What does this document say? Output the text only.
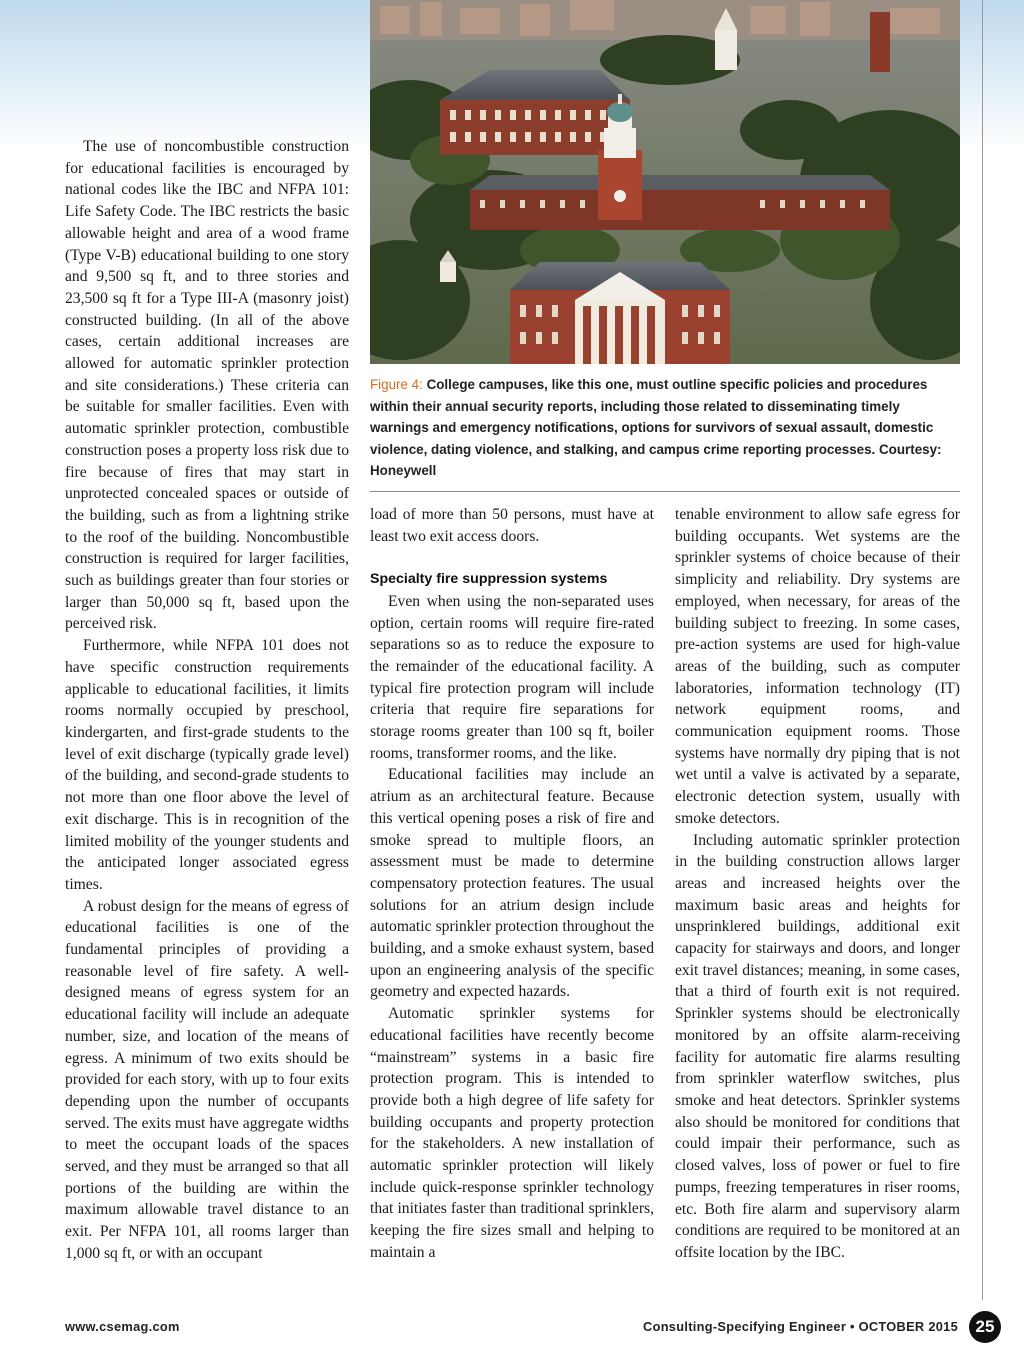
Figure 4: College campuses, like this one, must outline specific policies and procedures within their annual security reports, including those related to disseminating timely warnings and emergency notifications, options for survivors of sexual assault, domestic violence, dating violence, and stalking, and campus crime reporting processes. Courtesy: Honeywell

The use of noncombustible construction for educational facilities is encouraged by national codes like the IBC and NFPA 101: Life Safety Code. The IBC restricts the basic allowable height and area of a wood frame (Type V-B) educational building to one story and 9,500 sq ft, and to three stories and 23,500 sq ft for a Type III-A (masonry joist) constructed building. (In all of the above cases, certain additional increases are allowed for automatic sprinkler protection and site considerations.) These criteria can be suitable for smaller facilities. Even with automatic sprinkler protection, combustible construction poses a property loss risk due to fire because of fires that may start in unprotected concealed spaces or outside of the building, such as from a lightning strike to the roof of the building. Noncombustible construction is required for larger facilities, such as buildings greater than four stories or larger than 50,000 sq ft, based upon the perceived risk.

Furthermore, while NFPA 101 does not have specific construction requirements applicable to educational facilities, it limits rooms normally occupied by preschool, kindergarten, and first-grade students to the level of exit discharge (typically grade level) of the building, and second-grade students to not more than one floor above the level of exit discharge. This is in recognition of the limited mobility of the younger students and the anticipated longer associated egress times.

A robust design for the means of egress of educational facilities is one of the fundamental principles of providing a reasonable level of fire safety. A well-designed means of egress system for an educational facility will include an adequate number, size, and location of the means of egress. A minimum of two exits should be provided for each story, with up to four exits depending upon the number of occupants served. The exits must have aggregate widths to meet the occupant loads of the spaces served, and they must be arranged so that all portions of the building are within the maximum allowable travel distance to an exit. Per NFPA 101, all rooms larger than 1,000 sq ft, or with an occupant

load of more than 50 persons, must have at least two exit access doors.

Specialty fire suppression systems

Even when using the non-separated uses option, certain rooms will require fire-rated separations so as to reduce the exposure to the remainder of the educational facility. A typical fire protection program will include criteria that require fire separations for storage rooms greater than 100 sq ft, boiler rooms, transformer rooms, and the like.

Educational facilities may include an atrium as an architectural feature. Because this vertical opening poses a risk of fire and smoke spread to multiple floors, an assessment must be made to determine compensatory protection features. The usual solutions for an atrium design include automatic sprinkler protection throughout the building, and a smoke exhaust system, based upon an engineering analysis of the specific geometry and expected hazards.

Automatic sprinkler systems for educational facilities have recently become “mainstream” systems in a basic fire protection program. This is intended to provide both a high degree of life safety for building occupants and property protection for the stakeholders. A new installation of automatic sprinkler protection will likely include quick-response sprinkler technology that initiates faster than traditional sprinklers, keeping the fire sizes small and helping to maintain a

tenable environment to allow safe egress for building occupants. Wet systems are the sprinkler systems of choice because of their simplicity and reliability. Dry systems are employed, when necessary, for areas of the building subject to freezing. In some cases, pre-action systems are used for high-value areas of the building, such as computer laboratories, information technology (IT) network equipment rooms, and communication equipment rooms. Those systems have normally dry piping that is not wet until a valve is activated by a separate, electronic detection system, usually with smoke detectors.

Including automatic sprinkler protection in the building construction allows larger areas and increased heights over the maximum basic areas and heights for unsprinklered buildings, additional exit capacity for stairways and doors, and longer exit travel distances; meaning, in some cases, that a third of fourth exit is not required. Sprinkler systems should be electronically monitored by an offsite alarm-receiving facility for automatic fire alarms resulting from sprinkler waterflow switches, plus smoke and heat detectors. Sprinkler systems also should be monitored for conditions that could impair their performance, such as closed valves, loss of power or fuel to fire pumps, freezing temperatures in riser rooms, etc. Both fire alarm and supervisory alarm conditions are required to be monitored at an offsite location by the IBC.

www.csemag.com	Consulting-Specifying Engineer • OCTOBER 2015	25
